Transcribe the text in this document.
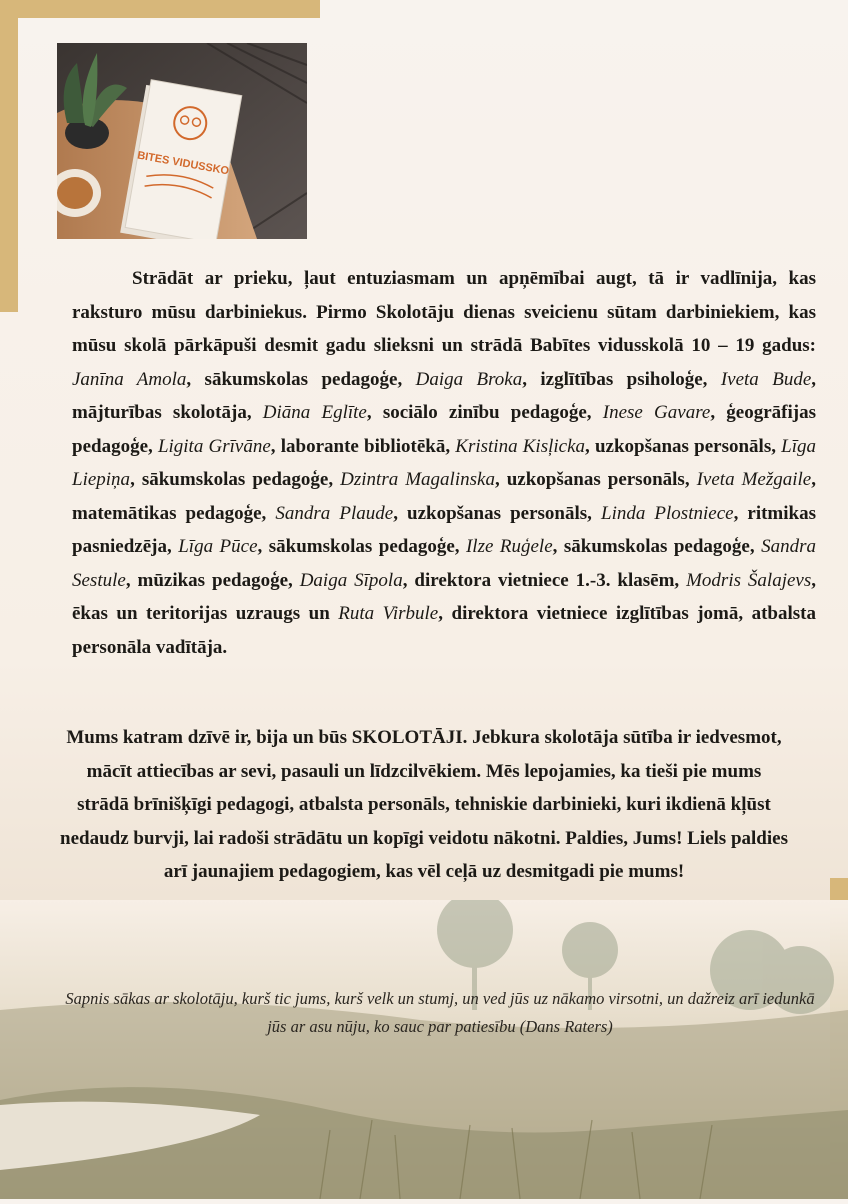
BITES VIDUSSKO

Strādāt ar prieku, ļaut entuziasmam un apņēmībai augt, tā ir vadlīnija, kas raksturo mūsu darbiniekus. Pirmo Skolotāju dienas sveicienu sūtam darbiniekiem, kas mūsu skolā pārkāpuši desmit gadu slieksni un strādā Babītes vidusskolā 10 – 19 gadus: Janīna Amola, sākumskolas pedagoģe, Daiga Broka, izglītības psiholoģe, Iveta Bude, mājturības skolotāja, Diāna Eglīte, sociālo zinību pedagoģe, Inese Gavare, ģeogrāfijas pedagoģe, Ligita Grīvāne, laborante bibliotēkā, Kristina Kisļicka, uzkopšanas personāls, Līga Liepiņa, sākumskolas pedagoģe, Dzintra Magalinska, uzkopšanas personāls, Iveta Mežgaile, matemātikas pedagoģe, Sandra Plaude, uzkopšanas personāls, Linda Plostniece, ritmikas pasniedzēja, Līga Pūce, sākumskolas pedagoģe, Ilze Ruģele, sākumskolas pedagoģe, Sandra Sestule, mūzikas pedagoģe, Daiga Sīpola, direktora vietniece 1.-3. klasēm, Modris Šalajevs, ēkas un teritorijas uzraugs un Ruta Virbule, direktora vietniece izglītības jomā, atbalsta personāla vadītāja.

Mums katram dzīvē ir, bija un būs SKOLOTĀJI. Jebkura skolotāja sūtība ir iedvesmot, mācīt attiecības ar sevi, pasauli un līdzcilvēkiem. Mēs lepojamies, ka tieši pie mums strādā brīnišķīgi pedagogi, atbalsta personāls, tehniskie darbinieki, kuri ikdienā kļūst nedaudz burvji, lai radoši strādātu un kopīgi veidotu nākotni. Paldies, Jums! Liels paldies arī jaunajiem pedagogiem, kas vēl ceļā uz desmitgadi pie mums!

Sapnis sākas ar skolotāju, kurš tic jums, kurš velk un stumj, un ved jūs uz nākamo virsotni, un dažreiz arī iedunkā jūs ar asu nūju, ko sauc par patiesību (Dans Raters)
